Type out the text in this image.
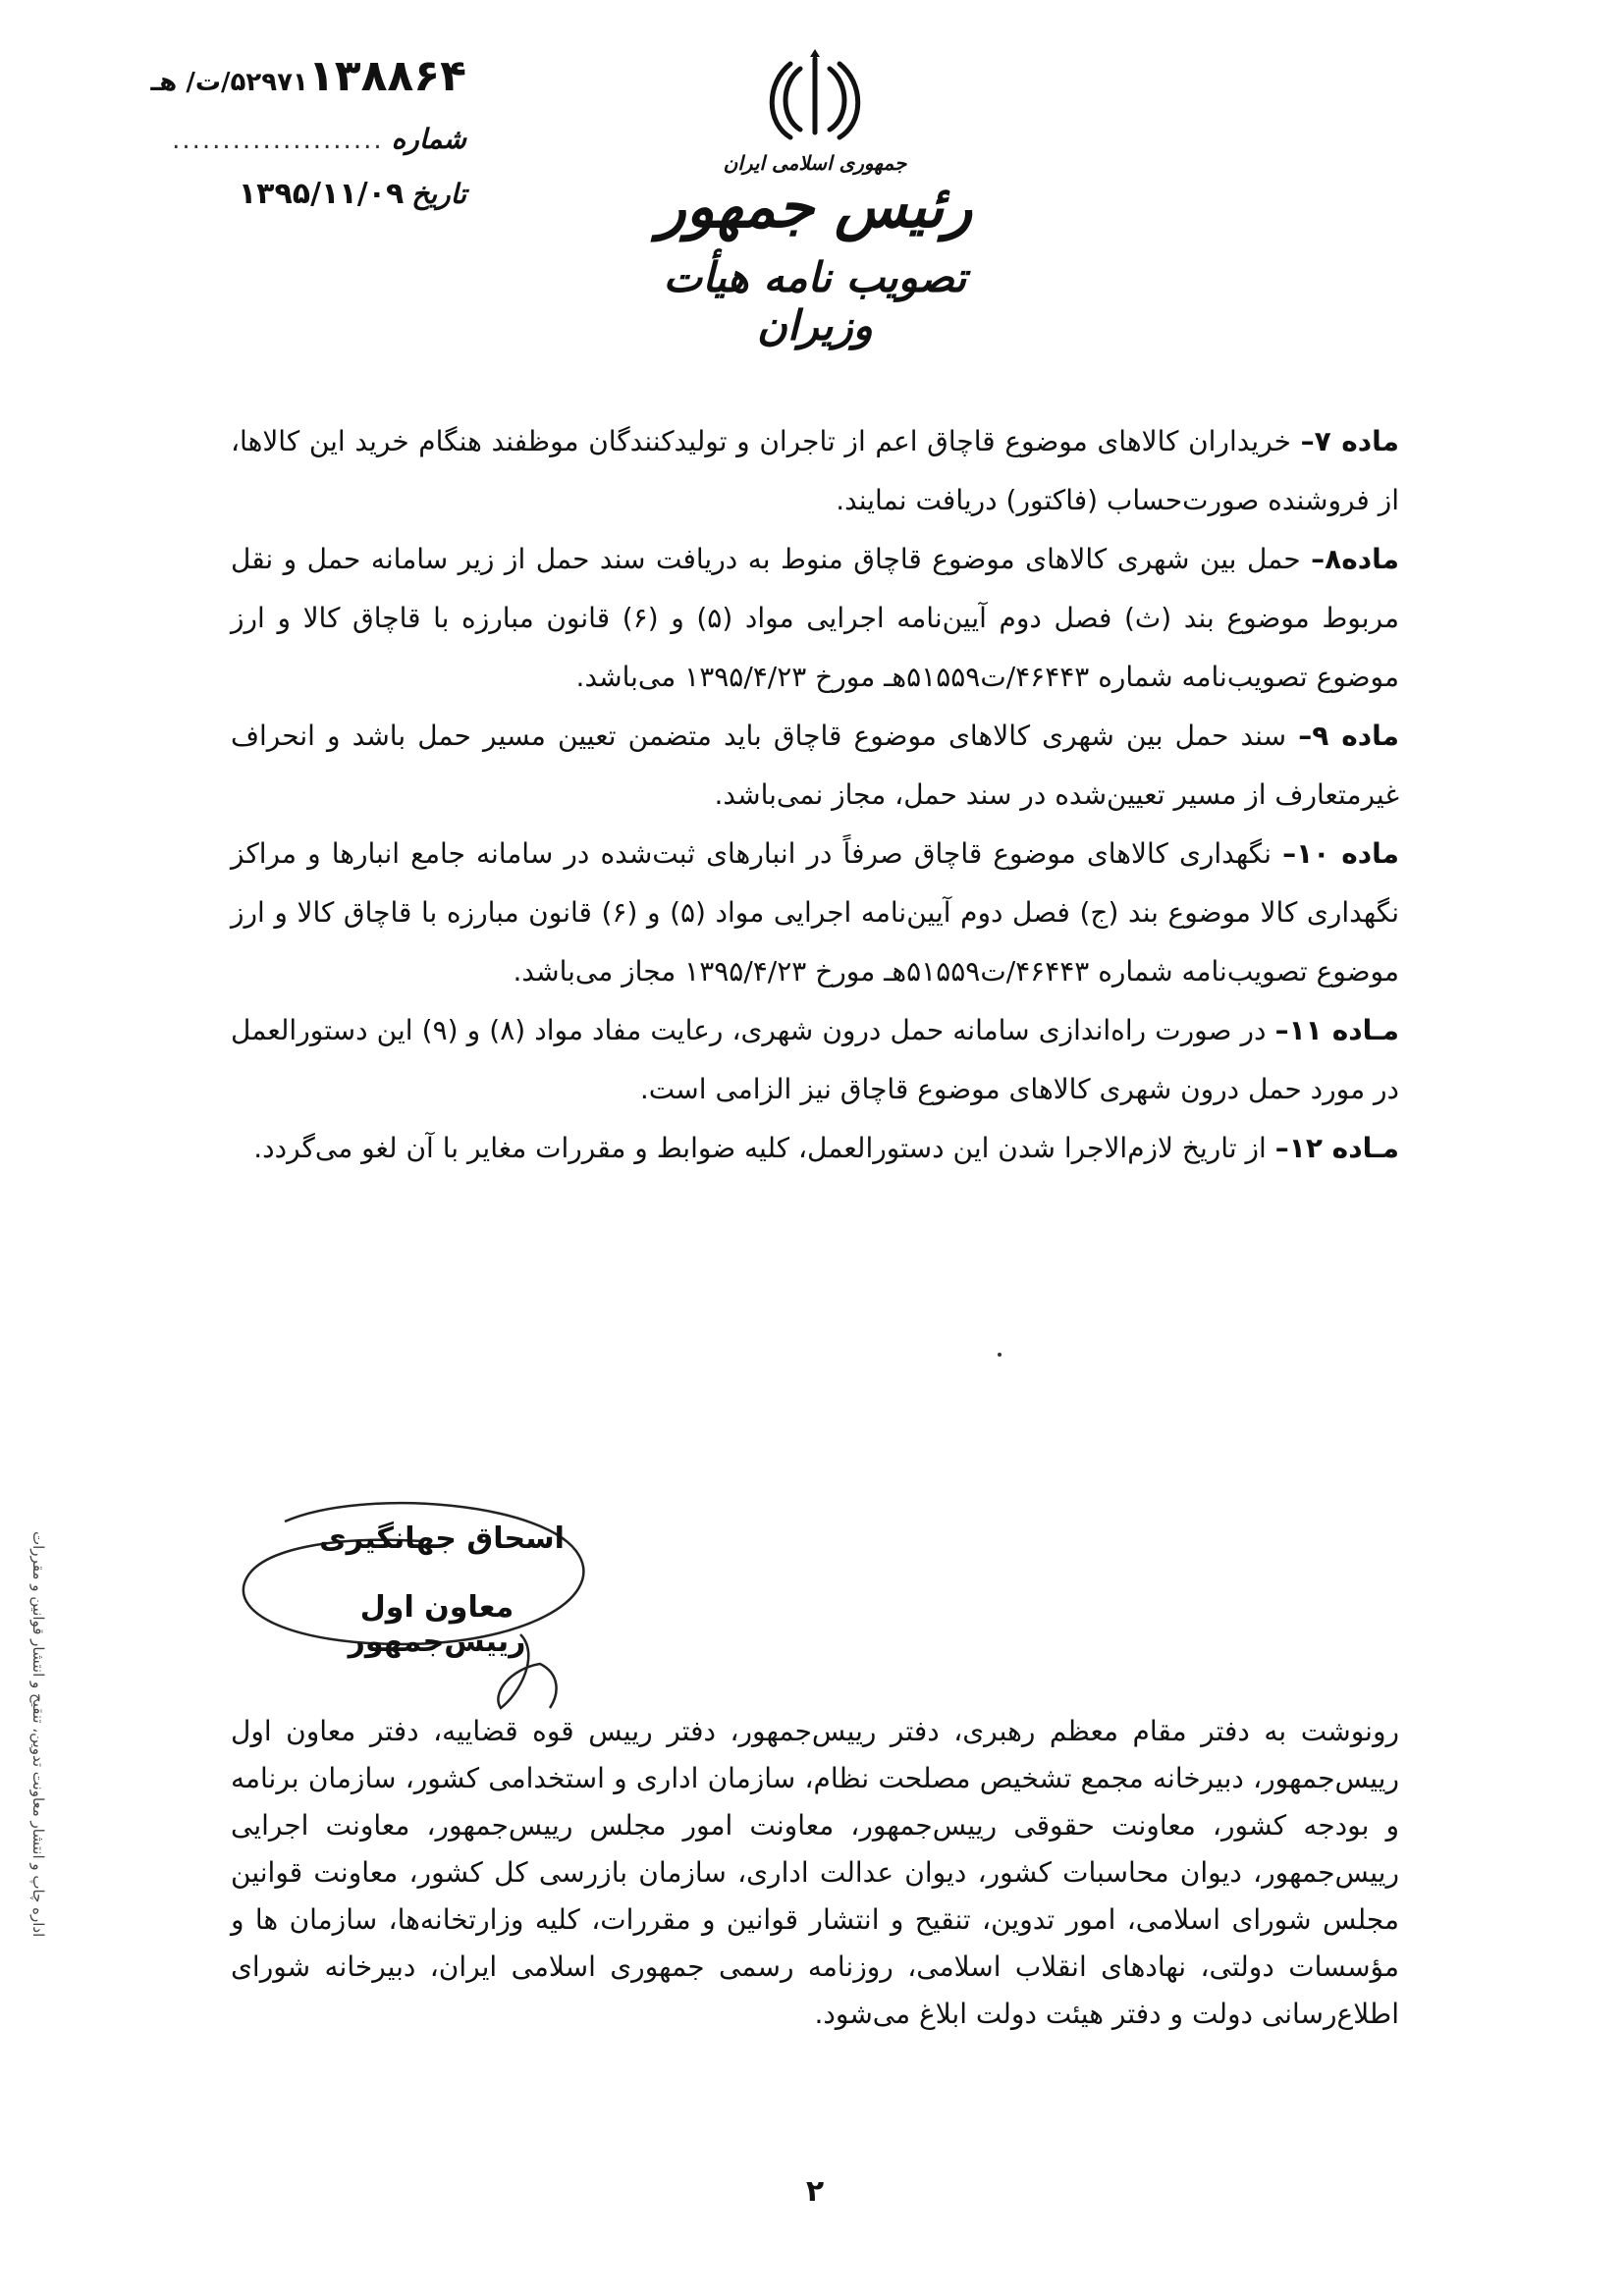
۱۳۸۸۶۴
۵۲۹۷۱/ت/ هـ
شماره
.....................
تاریخ
۱۳۹۵/۱۱/۰۹
جمهوری اسلامی ایران
رئیس جمهور
تصویب نامه هیأت وزیران

ماده ۷– خریداران کالاهای موضوع قاچاق اعم از تاجران و تولیدکنندگان موظفند هنگام خرید این کالاها، از فروشنده صورت‌حساب (فاکتور) دریافت نمایند.

ماده۸– حمل بین شهری کالاهای موضوع قاچاق منوط به دریافت سند حمل از زیر سامانه حمل و نقل مربوط موضوع بند (ث) فصل دوم آیین‌نامه اجرایی مواد (۵) و (۶) قانون مبارزه با قاچاق کالا و ارز موضوع تصویب‌نامه شماره ۴۶۴۴۳/ت۵۱۵۵۹هـ مورخ ۱۳۹۵/۴/۲۳ می‌باشد.

ماده ۹– سند حمل بین شهری کالاهای موضوع قاچاق باید متضمن تعیین مسیر حمل باشد و انحراف غیرمتعارف از مسیر تعیین‌شده در سند حمل، مجاز نمی‌باشد.

ماده ۱۰– نگهداری کالاهای موضوع قاچاق صرفاً در انبارهای ثبت‌شده در سامانه جامع انبارها و مراکز نگهداری کالا موضوع بند (ج) فصل دوم آیین‌نامه اجرایی مواد (۵) و (۶) قانون مبارزه با قاچاق کالا و ارز موضوع تصویب‌نامه شماره ۴۶۴۴۳/ت۵۱۵۵۹هـ مورخ ۱۳۹۵/۴/۲۳ مجاز می‌باشد.

مـاده ۱۱– در صورت راه‌اندازی سامانه حمل درون شهری، رعایت مفاد مواد (۸) و (۹) این دستورالعمل در مورد حمل درون شهری کالاهای موضوع قاچاق نیز الزامی است.

مـاده ۱۲– از تاریخ لازم‌الاجرا شدن این دستورالعمل، کلیه ضوابط و مقررات مغایر با آن لغو می‌گردد.

اسحاق جهانگیری
معاون اول رییس‌جمهور
رونوشت به دفتر مقام معظم رهبری، دفتر رییس‌جمهور، دفتر رییس قوه قضاییه، دفتر معاون اول رییس‌جمهور، دبیرخانه مجمع تشخیص مصلحت نظام، سازمان اداری و استخدامی کشور، سازمان برنامه و بودجه کشور، معاونت حقوقی رییس‌جمهور، معاونت امور مجلس رییس‌جمهور، معاونت اجرایی رییس‌جمهور، دیوان محاسبات کشور، دیوان عدالت اداری، سازمان بازرسی کل کشور، معاونت قوانین مجلس شورای اسلامی، امور تدوین، تنقیح و انتشار قوانین و مقررات، کلیه وزارتخانه‌ها، سازمان ها و مؤسسات دولتی، نهادهای انقلاب اسلامی، روزنامه رسمی جمهوری اسلامی ایران، دبیرخانه شورای اطلاع‌رسانی دولت و دفتر هیئت دولت ابلاغ می‌شود.
۲
اداره چاپ و انتشار معاونت تدوین، تنقیح و انتشار قوانین و مقررات
